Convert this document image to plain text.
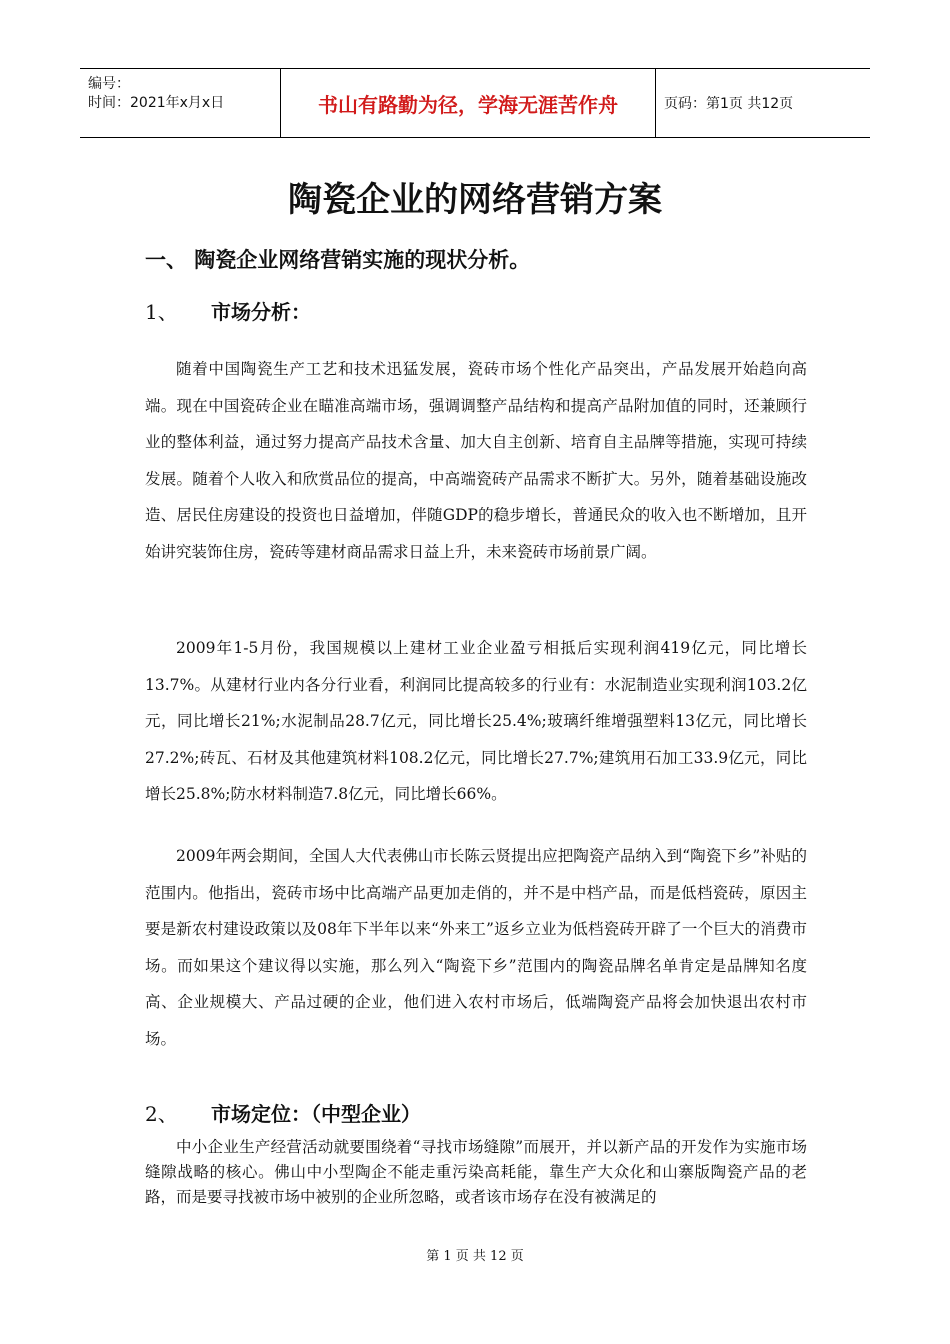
编号：
时间：2021年x月x日	书山有路勤为径，学海无涯苦作舟	页码：第1页 共12页
陶瓷企业的网络营销方案
一、 陶瓷企业网络营销实施的现状分析。
1、 市场分析：
随着中国陶瓷生产工艺和技术迅猛发展，瓷砖市场个性化产品突出，产品发展开始趋向高端。现在中国瓷砖企业在瞄准高端市场，强调调整产品结构和提高产品附加值的同时，还兼顾行业的整体利益，通过努力提高产品技术含量、加大自主创新、培育自主品牌等措施，实现可持续发展。随着个人收入和欣赏品位的提高，中高端瓷砖产品需求不断扩大。另外，随着基础设施改造、居民住房建设的投资也日益增加，伴随GDP的稳步增长，普通民众的收入也不断增加，且开始讲究装饰住房，瓷砖等建材商品需求日益上升，未来瓷砖市场前景广阔。
2009年1-5月份，我国规模以上建材工业企业盈亏相抵后实现利润419亿元，同比增长13.7%。从建材行业内各分行业看，利润同比提高较多的行业有：水泥制造业实现利润103.2亿元，同比增长21%;水泥制品28.7亿元，同比增长25.4%;玻璃纤维增强塑料13亿元，同比增长27.2%;砖瓦、石材及其他建筑材料108.2亿元，同比增长27.7%;建筑用石加工33.9亿元，同比增长25.8%;防水材料制造7.8亿元，同比增长66%。
2009年两会期间，全国人大代表佛山市长陈云贤提出应把陶瓷产品纳入到“陶瓷下乡”补贴的范围内。他指出，瓷砖市场中比高端产品更加走俏的，并不是中档产品，而是低档瓷砖，原因主要是新农村建设政策以及08年下半年以来“外来工”返乡立业为低档瓷砖开辟了一个巨大的消费市场。而如果这个建议得以实施，那么列入“陶瓷下乡”范围内的陶瓷品牌名单肯定是品牌知名度高、企业规模大、产品过硬的企业，他们进入农村市场后，低端陶瓷产品将会加快退出农村市场。
2、 市场定位：（中型企业）
中小企业生产经营活动就要围绕着“寻找市场缝隙”而展开，并以新产品的开发作为实施市场缝隙战略的核心。佛山中小型陶企不能走重污染高耗能，靠生产大众化和山寨版陶瓷产品的老路，而是要寻找被市场中被别的企业所忽略，或者该市场存在没有被满足的
第 1 页 共 12 页
